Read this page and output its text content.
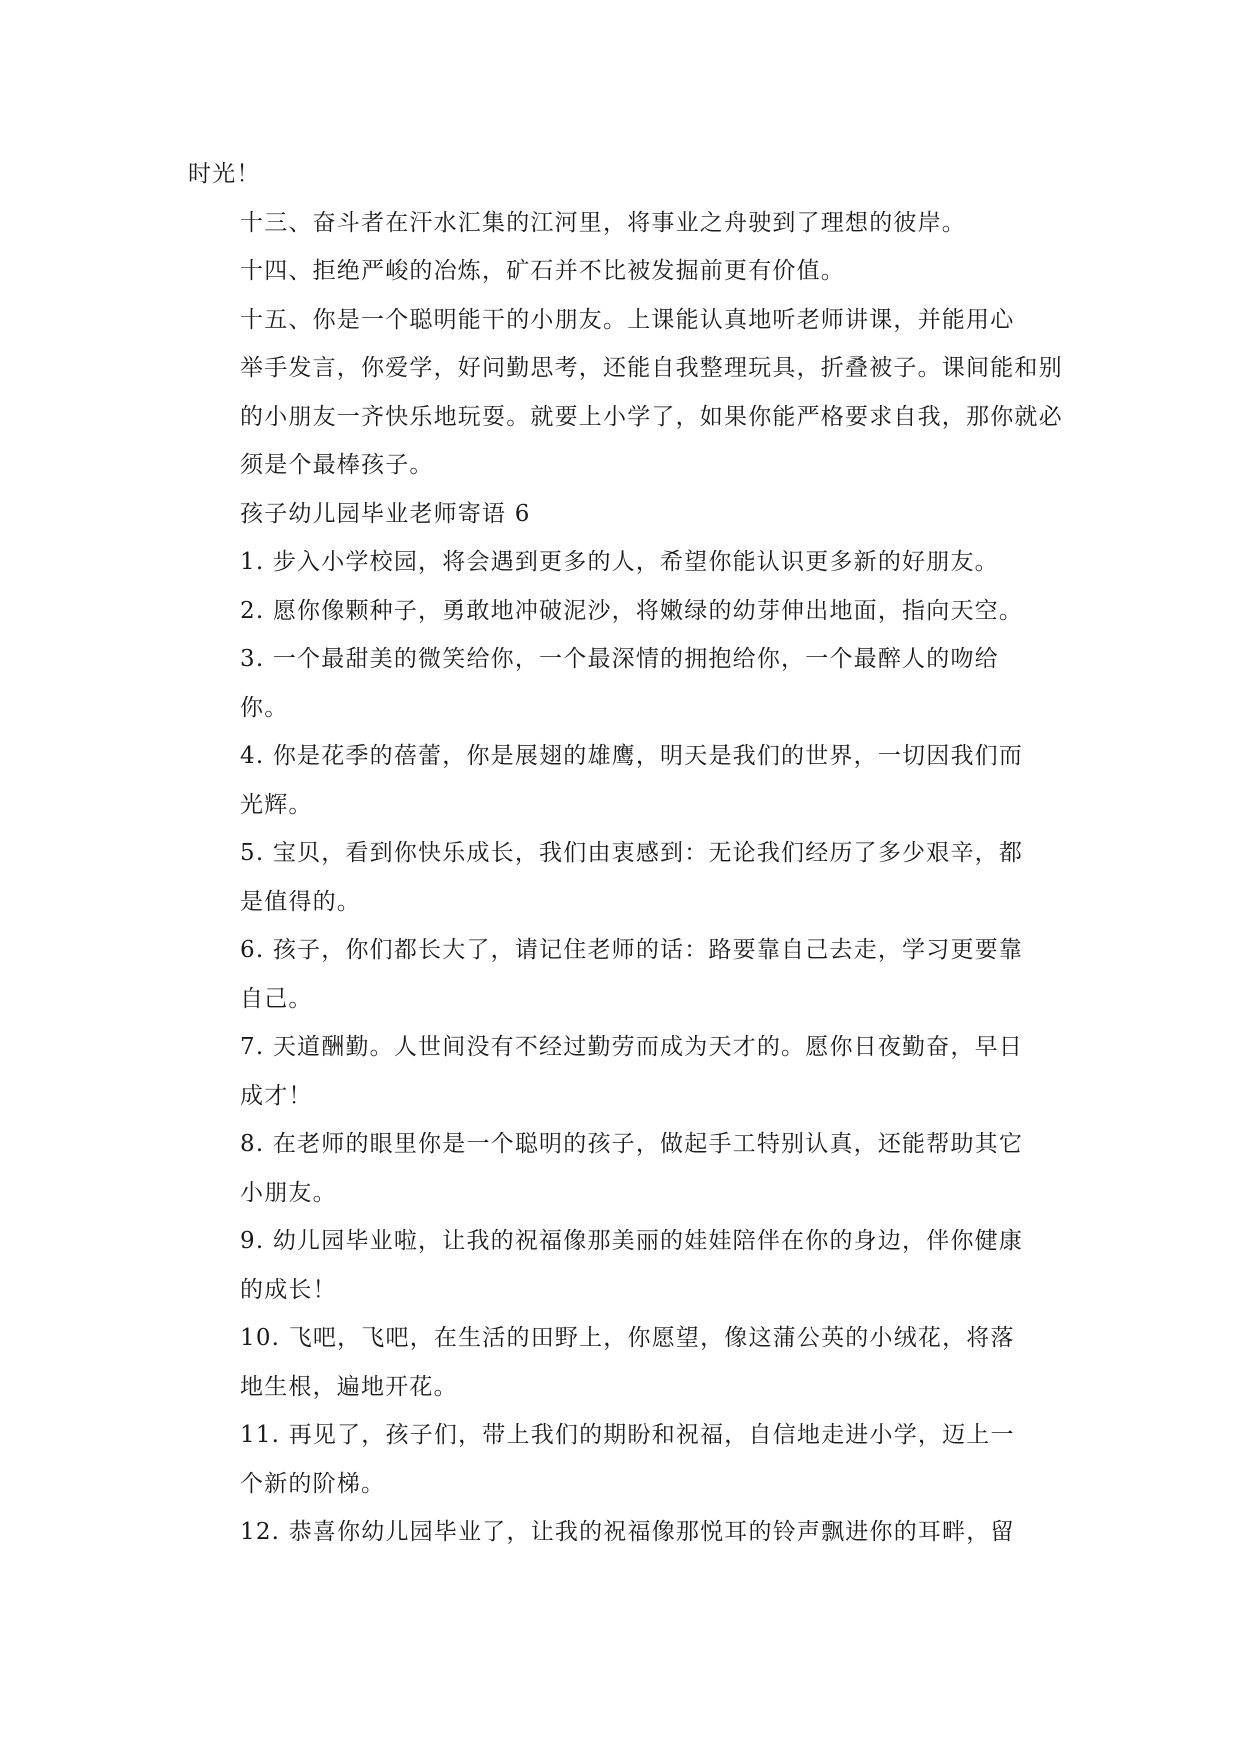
时光！

十三、奋斗者在汗水汇集的江河里，将事业之舟驶到了理想的彼岸。

十四、拒绝严峻的冶炼，矿石并不比被发掘前更有价值。

十五、你是一个聪明能干的小朋友。上课能认真地听老师讲课，并能用心
举手发言，你爱学，好问勤思考，还能自我整理玩具，折叠被子。课间能和别
的小朋友一齐快乐地玩耍。就要上小学了，如果你能严格要求自我，那你就必
须是个最棒孩子。

孩子幼儿园毕业老师寄语 6

1. 步入小学校园，将会遇到更多的人，希望你能认识更多新的好朋友。

2. 愿你像颗种子，勇敢地冲破泥沙，将嫩绿的幼芽伸出地面，指向天空。

3. 一个最甜美的微笑给你，一个最深情的拥抱给你，一个最醉人的吻给
你。

4. 你是花季的蓓蕾，你是展翅的雄鹰，明天是我们的世界，一切因我们而
光辉。

5. 宝贝，看到你快乐成长，我们由衷感到：无论我们经历了多少艰辛，都
是值得的。

6. 孩子，你们都长大了，请记住老师的话：路要靠自己去走，学习更要靠
自己。

7. 天道酬勤。人世间没有不经过勤劳而成为天才的。愿你日夜勤奋，早日
成才！

8. 在老师的眼里你是一个聪明的孩子，做起手工特别认真，还能帮助其它
小朋友。

9. 幼儿园毕业啦，让我的祝福像那美丽的娃娃陪伴在你的身边，伴你健康
的成长！

10. 飞吧，飞吧，在生活的田野上，你愿望，像这蒲公英的小绒花，将落
地生根，遍地开花。

11. 再见了，孩子们，带上我们的期盼和祝福，自信地走进小学，迈上一
个新的阶梯。

12. 恭喜你幼儿园毕业了，让我的祝福像那悦耳的铃声飘进你的耳畔，留
